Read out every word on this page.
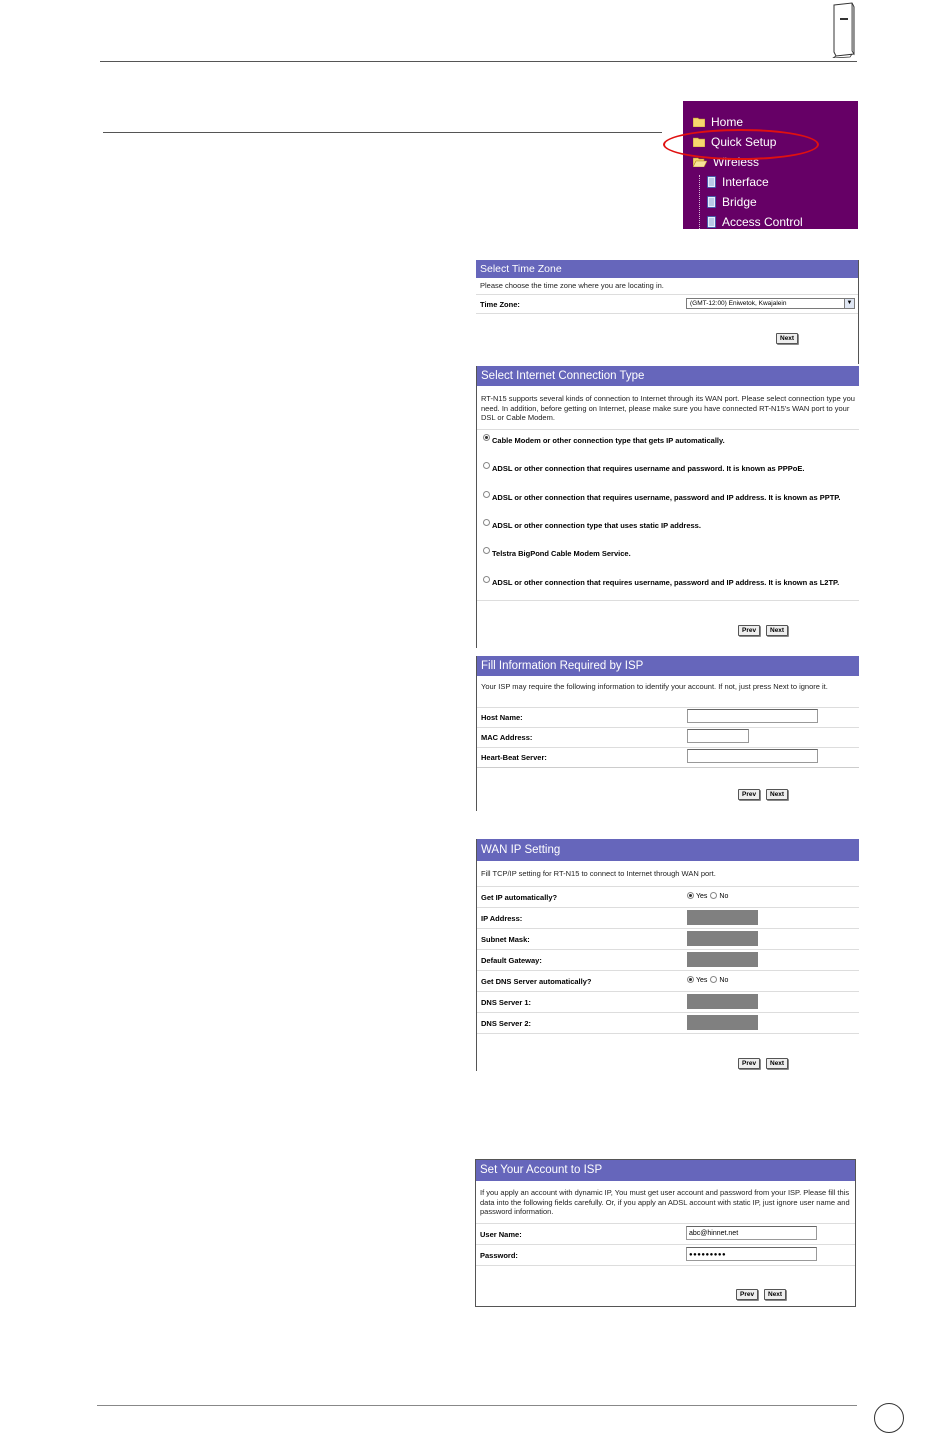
Home
Quick Setup
Wireless
Interface
Bridge
Access Control
Select Time Zone
Please choose the time zone where you are locating in.
Time Zone:	(GMT-12:00) Eniwetok, Kwajalein	▼
Next
Select Internet Connection Type
RT-N15 supports several kinds of connection to Internet through its WAN port. Please select connection type you need. In addition, before getting on Internet, please make sure you have connected RT-N15's WAN port to your DSL or Cable Modem.
Cable Modem or other connection type that gets IP automatically.
ADSL or other connection that requires username and password. It is known as PPPoE.
ADSL or other connection that requires username, password and IP address. It is known as PPTP.
ADSL or other connection type that uses static IP address.
Telstra BigPond Cable Modem Service.
ADSL or other connection that requires username, password and IP address. It is known as L2TP.
Prev	Next
Fill Information Required by ISP
Your ISP may require the following information to identify your account. If not, just press Next to ignore it.
Host Name:
MAC Address:
Heart-Beat Server:
Prev	Next
WAN IP Setting
Fill TCP/IP setting for RT-N15 to connect to Internet through WAN port.
Get IP automatically?	Yes No
IP Address:
Subnet Mask:
Default Gateway:
Get DNS Server automatically?	Yes No
DNS Server 1:
DNS Server 2:
Prev	Next
Set Your Account to ISP
If you apply an account with dynamic IP, You must get user account and password from your ISP. Please fill this data into the following fields carefully. Or, if you apply an ADSL account with static IP, just ignore user name and password information.
User Name:	abc@hinnet.net
Password:	●●●●●●●●●
Prev	Next
